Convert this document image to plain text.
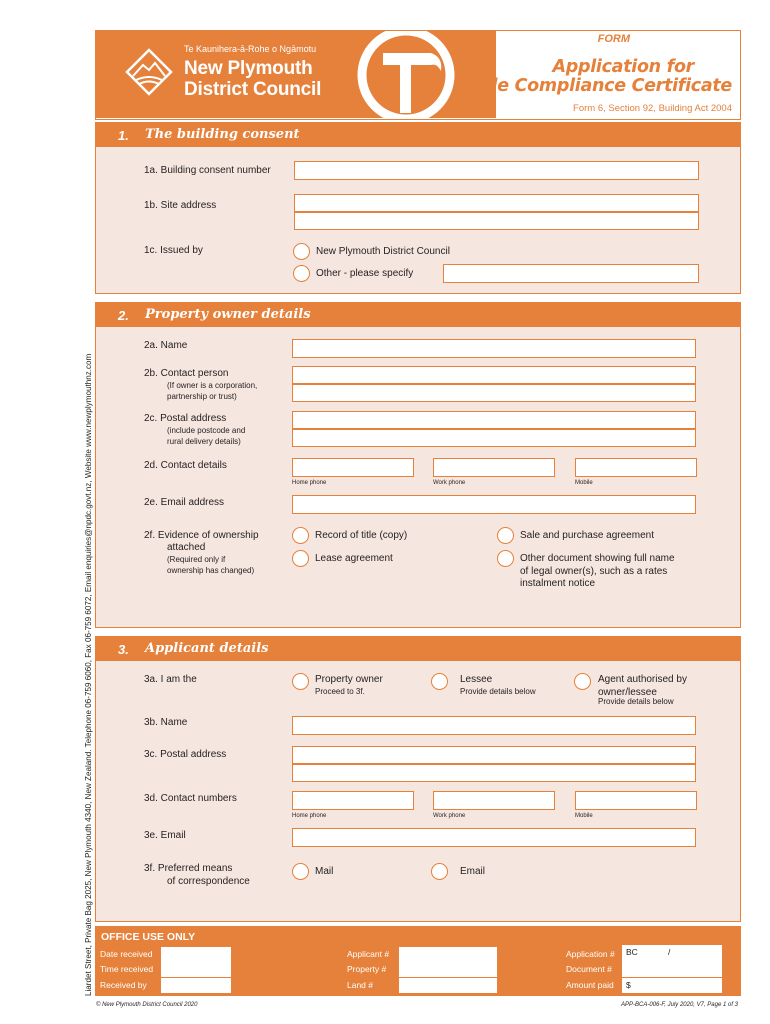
Liardet Street, Private Bag 2025, New Plymouth 4340, New Zealand. Telephone 06-759 6060, Fax 06-759 6072, Email enquiries@npdc.govt.nz, Website www.newplymouthnz.com
Te Kaunihera-ā-Rohe o Ngāmotu
New Plymouth
District Council
FORM
Application for
Code Compliance Certificate
Form 6, Section 92, Building Act 2004
1. The building consent
1a. Building consent number
1b. Site address
1c. Issued by	New Plymouth District Council
Other - please specify
2. Property owner details
2a. Name
2b. Contact person
(If owner is a corporation,
partnership or trust)
2c. Postal address
(include postcode and
rural delivery details)
2d. Contact details
Home phone	Work phone	Mobile
2e. Email address
2f. Evidence of ownership
attached
(Required only if
ownership has changed)
Record of title (copy)
Lease agreement
Sale and purchase agreement
Other document showing full name
of legal owner(s), such as a rates
instalment notice
3. Applicant details
3a. I am the	Property owner
Proceed to 3f.
Lessee
Provide details below
Agent authorised by
owner/lessee
Provide details below
3b. Name
3c. Postal address
3d. Contact numbers
Home phone	Work phone	Mobile
3e. Email
3f. Preferred means
of correspondence
Mail	Email
OFFICE USE ONLY
Date received
Time received
Received by
Applicant #
Property #
Land #
Application # BC	/
Document #
Amount paid $
© New Plymouth District Council 2020	APP-BCA-006-F, July 2020, V7, Page 1 of 3
